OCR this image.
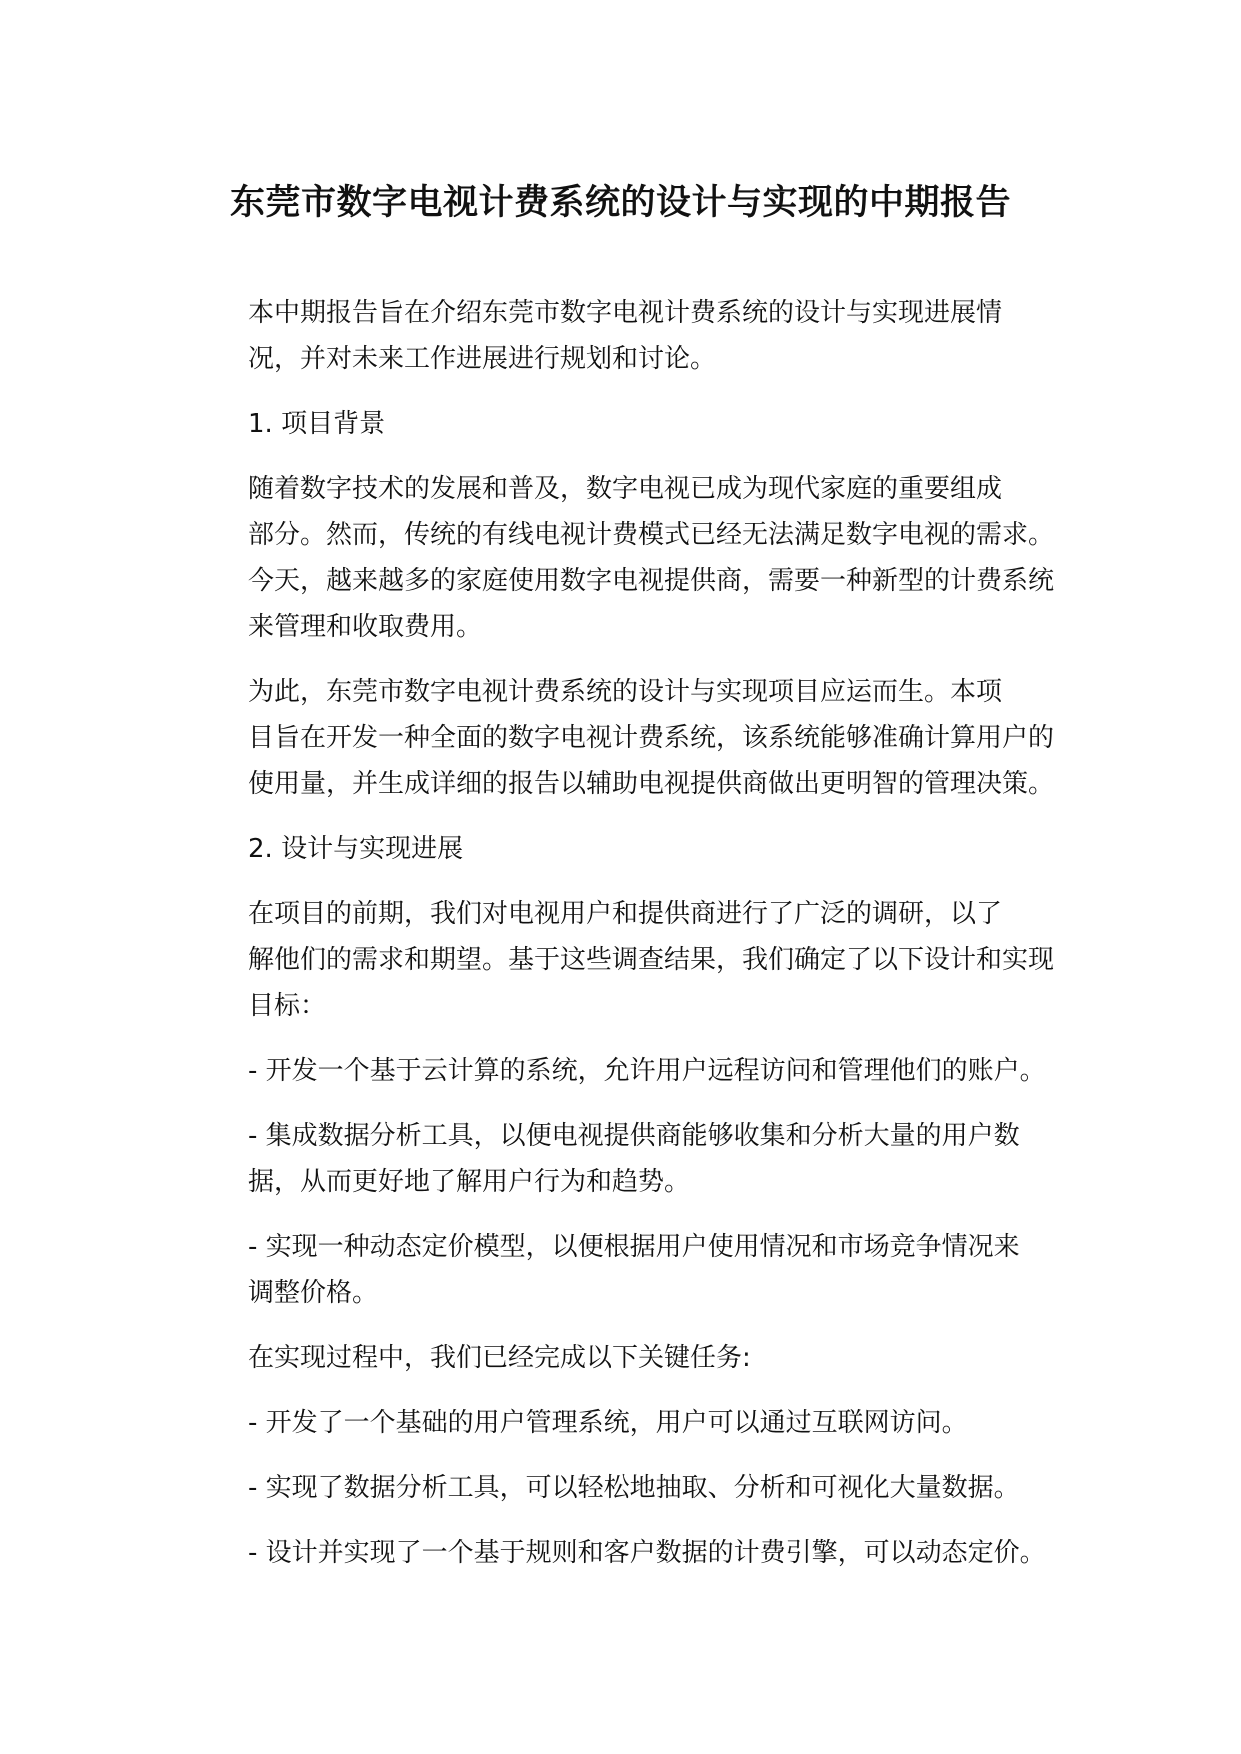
东莞市数字电视计费系统的设计与实现的中期报告
本中期报告旨在介绍东莞市数字电视计费系统的设计与实现进展情
况，并对未来工作进展进行规划和讨论。
1. 项目背景
随着数字技术的发展和普及，数字电视已成为现代家庭的重要组成
部分。然而，传统的有线电视计费模式已经无法满足数字电视的需求。
今天，越来越多的家庭使用数字电视提供商，需要一种新型的计费系统
来管理和收取费用。
为此，东莞市数字电视计费系统的设计与实现项目应运而生。本项
目旨在开发一种全面的数字电视计费系统，该系统能够准确计算用户的
使用量，并生成详细的报告以辅助电视提供商做出更明智的管理决策。
2. 设计与实现进展
在项目的前期，我们对电视用户和提供商进行了广泛的调研，以了
解他们的需求和期望。基于这些调查结果，我们确定了以下设计和实现
目标：
- 开发一个基于云计算的系统，允许用户远程访问和管理他们的账户。
- 集成数据分析工具，以便电视提供商能够收集和分析大量的用户数
据，从而更好地了解用户行为和趋势。
- 实现一种动态定价模型，以便根据用户使用情况和市场竞争情况来
调整价格。
在实现过程中，我们已经完成以下关键任务:
- 开发了一个基础的用户管理系统，用户可以通过互联网访问。
- 实现了数据分析工具，可以轻松地抽取、分析和可视化大量数据。
- 设计并实现了一个基于规则和客户数据的计费引擎，可以动态定价。
